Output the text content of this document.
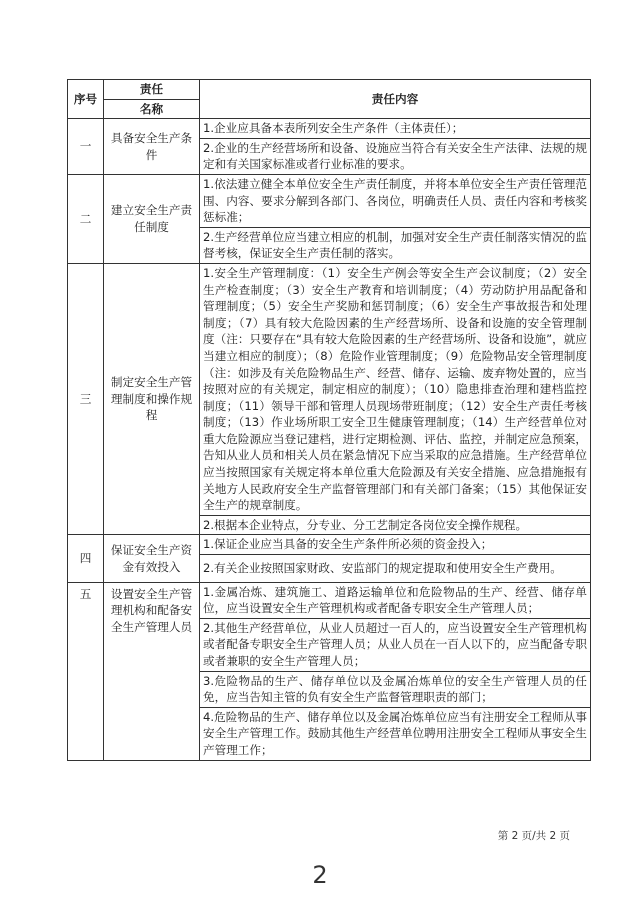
序号	责任	责任内容
	名称	
一	具备安全生产条件	1.企业应具备本表所列安全生产条件（主体责任）；
		2.企业的生产经营场所和设备、设施应当符合有关安全生产法律、法规的规定和有关国家标准或者行业标准的要求。
二	建立安全生产责任制度	1.依法建立健全本单位安全生产责任制度，并将本单位安全生产责任管理范围、内容、要求分解到各部门、各岗位，明确责任人员、责任内容和考核奖惩标准；
		2.生产经营单位应当建立相应的机制，加强对安全生产责任制落实情况的监督考核，保证安全生产责任制的落实。
三	制定安全生产管理制度和操作规程	1.安全生产管理制度：（1）安全生产例会等安全生产会议制度；（2）安全生产检查制度；（3）安全生产教育和培训制度；（4）劳动防护用品配备和管理制度；（5）安全生产奖励和惩罚制度；（6）安全生产事故报告和处理制度；（7）具有较大危险因素的生产经营场所、设备和设施的安全管理制度（注：只要存在“具有较大危险因素的生产经营场所、设备和设施”，就应当建立相应的制度）；（8）危险作业管理制度；（9）危险物品安全管理制度（注：如涉及有关危险物品生产、经营、储存、运输、废弃物处置的，应当按照对应的有关规定，制定相应的制度）；（10）隐患排查治理和建档监控制度；（11）领导干部和管理人员现场带班制度；（12）安全生产责任考核制度；（13）作业场所职工安全卫生健康管理制度；（14）生产经营单位对重大危险源应当登记建档，进行定期检测、评估、监控，并制定应急预案，告知从业人员和相关人员在紧急情况下应当采取的应急措施。生产经营单位应当按照国家有关规定将本单位重大危险源及有关安全措施、应急措施报有关地方人民政府安全生产监督管理部门和有关部门备案；（15）其他保证安全生产的规章制度。
		2.根据本企业特点，分专业、分工艺制定各岗位安全操作规程。
四	保证安全生产资金有效投入	1.保证企业应当具备的安全生产条件所必须的资金投入；
		2.有关企业按照国家财政、安监部门的规定提取和使用安全生产费用。
五	设置安全生产管理机构和配备安全生产管理人员	1.金属冶炼、建筑施工、道路运输单位和危险物品的生产、经营、储存单位，应当设置安全生产管理机构或者配备专职安全生产管理人员；
		2.其他生产经营单位，从业人员超过一百人的，应当设置安全生产管理机构或者配备专职安全生产管理人员；从业人员在一百人以下的，应当配备专职或者兼职的安全生产管理人员；
		3.危险物品的生产、储存单位以及金属冶炼单位的安全生产管理人员的任免，应当告知主管的负有安全生产监督管理职责的部门；
		4.危险物品的生产、储存单位以及金属冶炼单位应当有注册安全工程师从事安全生产管理工作。鼓励其他生产经营单位聘用注册安全工程师从事安全生产管理工作；
第 2 页/共 2 页
2
